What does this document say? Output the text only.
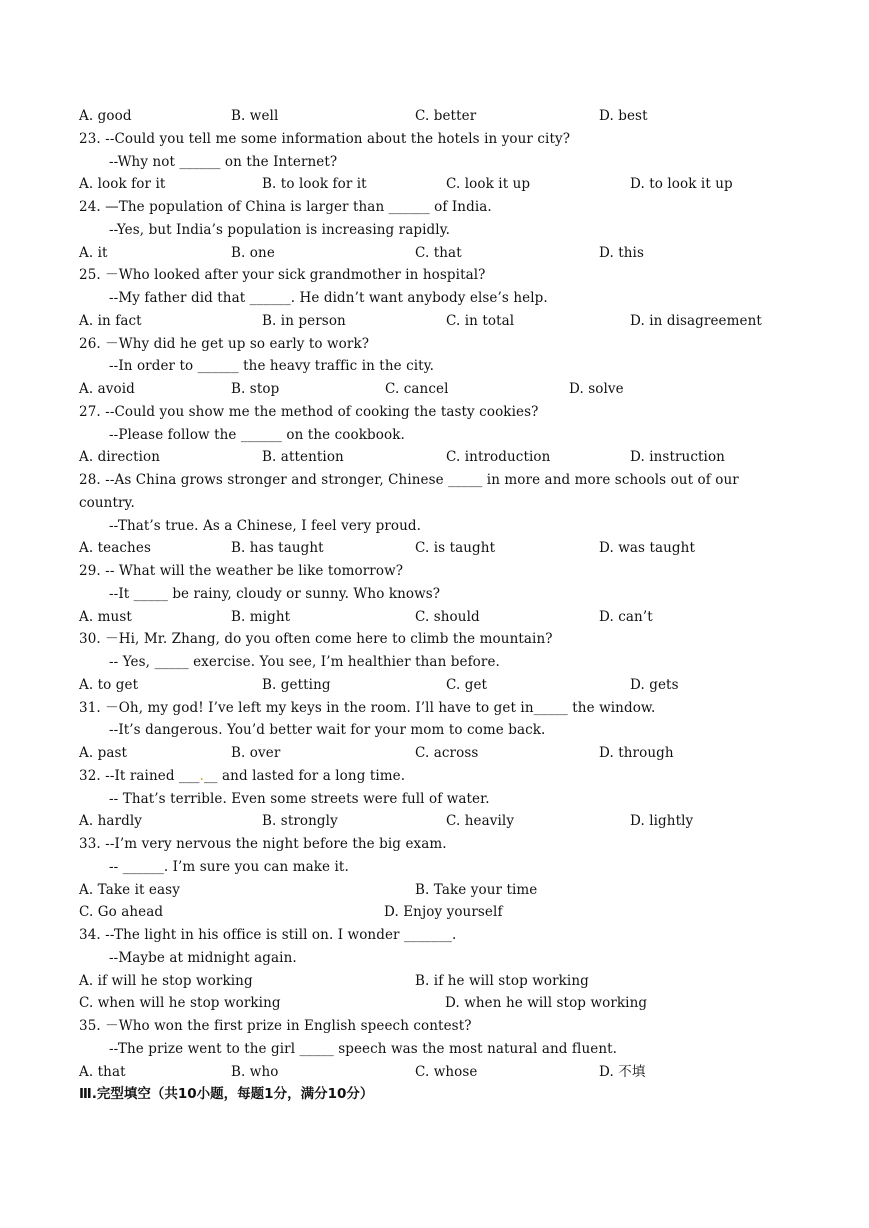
A. good	B. well	C. better	D. best
23. --Could you tell me some information about the hotels in your city?
--Why not ______ on the Internet?
A. look for it	B. to look for it	C. look it up	D. to look it up
24. —The population of China is larger than ______ of India.
--Yes, but India’s population is increasing rapidly.
A. it	B. one	C. that	D. this
25. －Who looked after your sick grandmother in hospital?
--My father did that ______. He didn’t want anybody else’s help.
A. in fact	B. in person	C. in total	D. in disagreement
26. －Why did he get up so early to work?
--In order to ______ the heavy traffic in the city.
A. avoid	B. stop	C. cancel	D. solve
27. --Could you show me the method of cooking the tasty cookies?
--Please follow the ______ on the cookbook.
A. direction	B. attention	C. introduction	D. instruction
28. --As China grows stronger and stronger, Chinese _____ in more and more schools out of our
country.
--That’s true. As a Chinese, I feel very proud.
A. teaches	B. has taught	C. is taught	D. was taught
29. -- What will the weather be like tomorrow?
--It _____ be rainy, cloudy or sunny. Who knows?
A. must	B. might	C. should	D. can’t
30. －Hi, Mr. Zhang, do you often come here to climb the mountain?
-- Yes, _____ exercise. You see, I’m healthier than before.
A. to get	B. getting	C. get	D. gets
31. －Oh, my god! I’ve left my keys in the room. I’ll have to get in_____ the window.
--It’s dangerous. You’d better wait for your mom to come back.
A. past	B. over	C. across	D. through
32. --It rained ___.__ and lasted for a long time.
-- That’s terrible. Even some streets were full of water.
A. hardly	B. strongly	C. heavily	D. lightly
33. --I’m very nervous the night before the big exam.
-- ______. I’m sure you can make it.
A. Take it easy	B. Take your time
C. Go ahead	D. Enjoy yourself
34. --The light in his office is still on. I wonder _______.
--Maybe at midnight again.
A. if will he stop working	B. if he will stop working
C. when will he stop working	D. when he will stop working
35. －Who won the first prize in English speech contest?
--The prize went to the girl _____ speech was the most natural and fluent.
A. that	B. who	C. whose	D. 不填
Ⅲ.完型填空（共10小题，每题1分，满分10分）
